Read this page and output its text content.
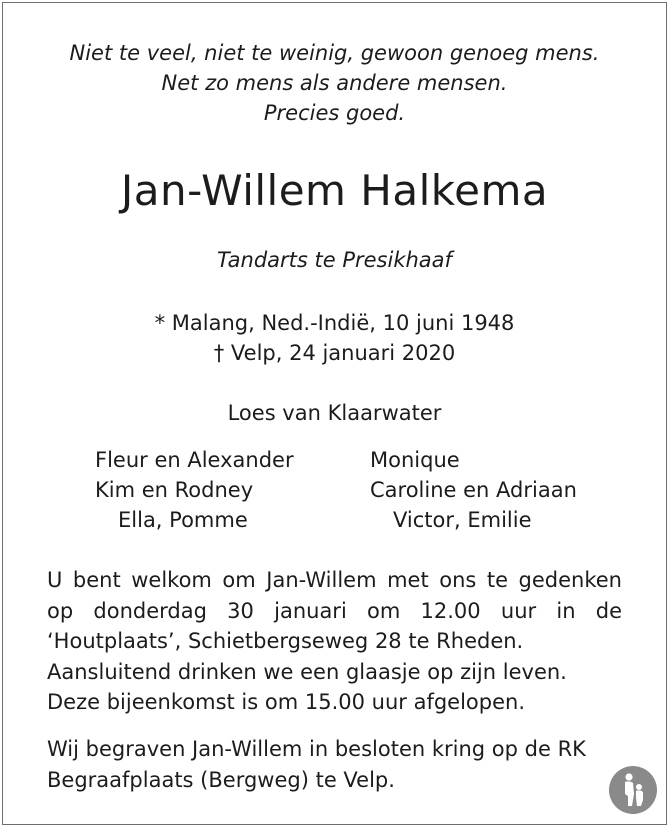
Niet te veel, niet te weinig, gewoon genoeg mens.
Net zo mens als andere mensen.
Precies goed.
Jan-Willem Halkema
Tandarts te Presikhaaf
* Malang, Ned.-Indië, 10 juni 1948
† Velp, 24 januari 2020
Loes van Klaarwater
Fleur en Alexander
Kim en Rodney
Ella, Pomme
Monique
Caroline en Adriaan
Victor, Emilie
U bent welkom om Jan-Willem met ons te gedenken
op donderdag 30 januari om 12.00 uur in de
‘Houtplaats’, Schietbergseweg 28 te Rheden.
Aansluitend drinken we een glaasje op zijn leven.
Deze bijeenkomst is om 15.00 uur afgelopen.
Wij begraven Jan-Willem in besloten kring op de RK
Begraafplaats (Bergweg) te Velp.
